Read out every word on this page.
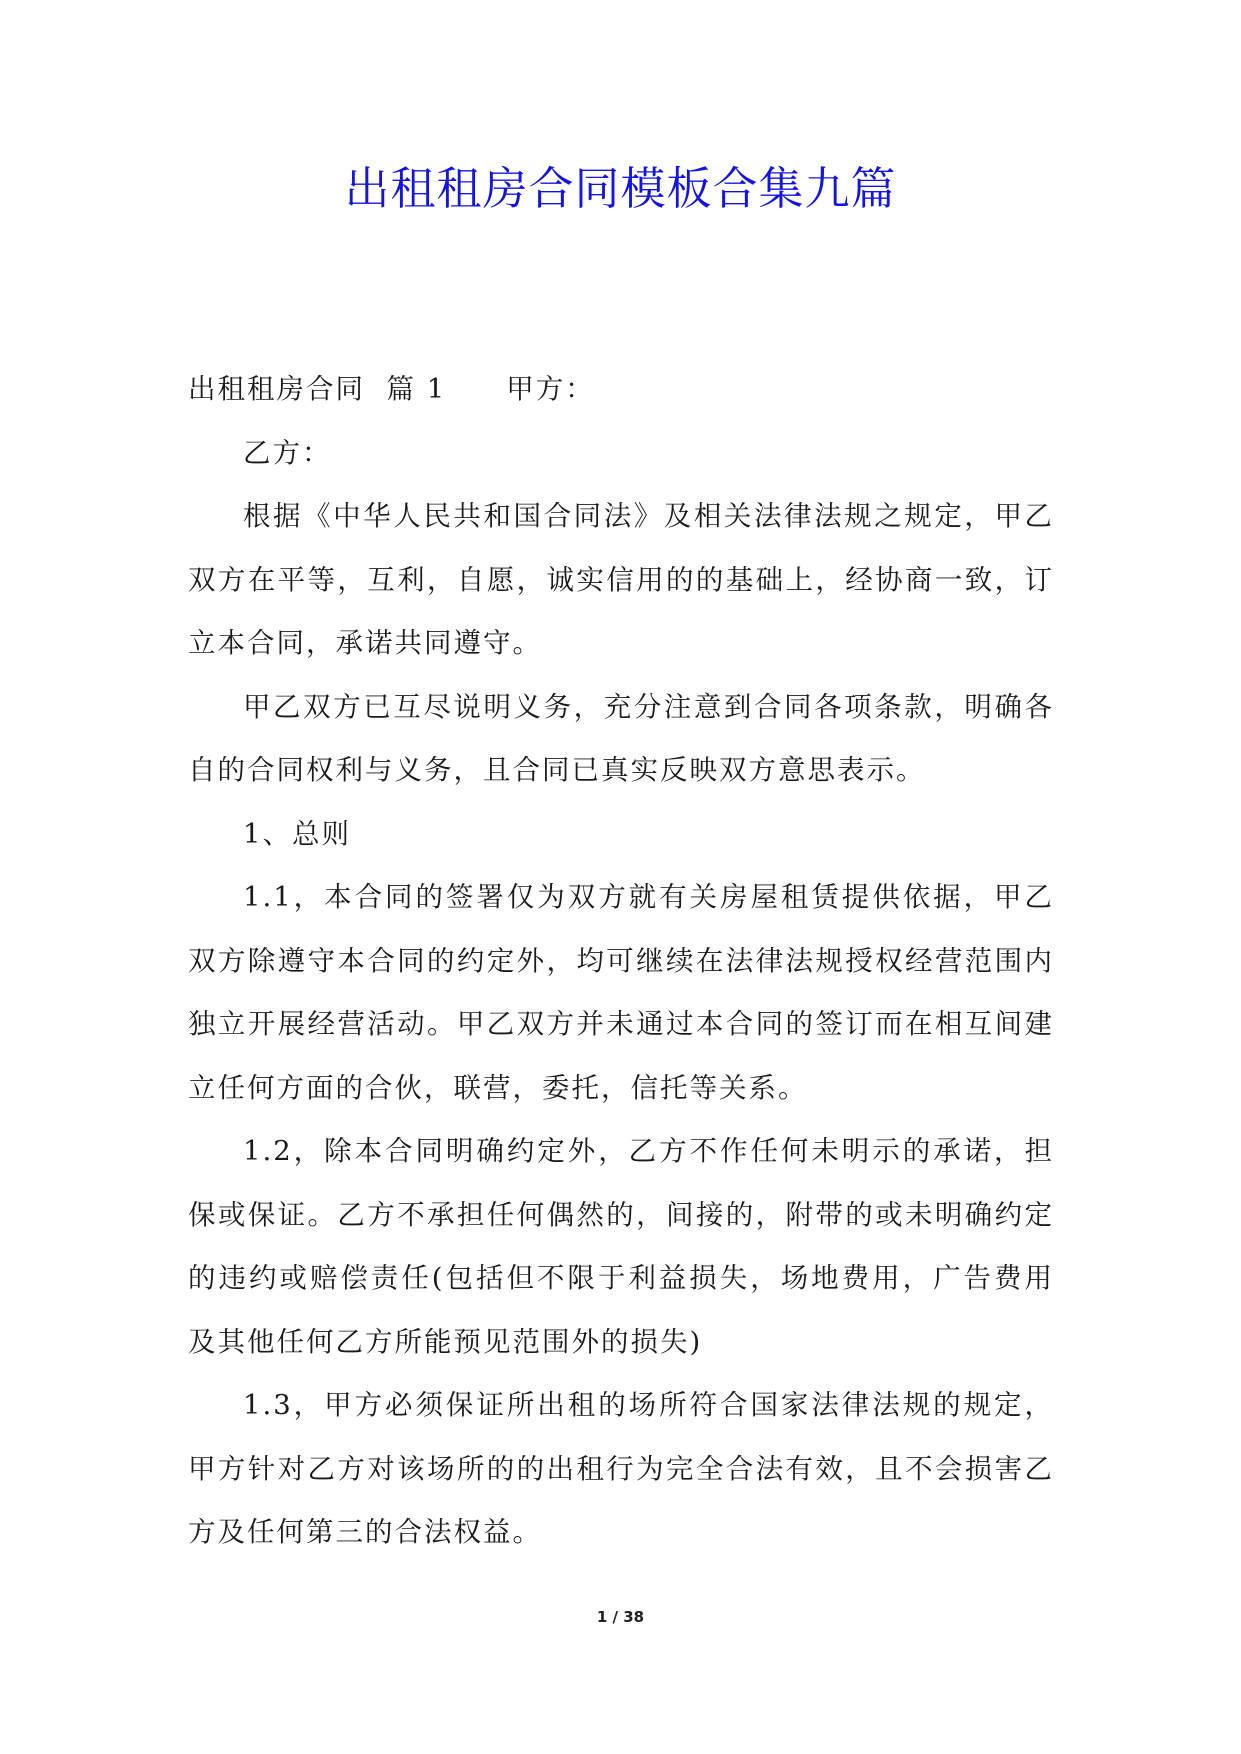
出租租房合同模板合集九篇

出租租房合同  篇 1 甲方：

乙方：

根据《中华人民共和国合同法》及相关法律法规之规定，甲乙双方在平等，互利，自愿，诚实信用的的基础上，经协商一致，订立本合同，承诺共同遵守。

甲乙双方已互尽说明义务，充分注意到合同各项条款，明确各自的合同权利与义务，且合同已真实反映双方意思表示。

1、总则

1.1，本合同的签署仅为双方就有关房屋租赁提供依据，甲乙双方除遵守本合同的约定外，均可继续在法律法规授权经营范围内独立开展经营活动。甲乙双方并未通过本合同的签订而在相互间建立任何方面的合伙，联营，委托，信托等关系。

1.2，除本合同明确约定外，乙方不作任何未明示的承诺，担保或保证。乙方不承担任何偶然的，间接的，附带的或未明确约定的违约或赔偿责任(包括但不限于利益损失，场地费用，广告费用及其他任何乙方所能预见范围外的损失)

1.3，甲方必须保证所出租的场所符合国家法律法规的规定，甲方针对乙方对该场所的的出租行为完全合法有效，且不会损害乙方及任何第三的合法权益。

1 / 38
